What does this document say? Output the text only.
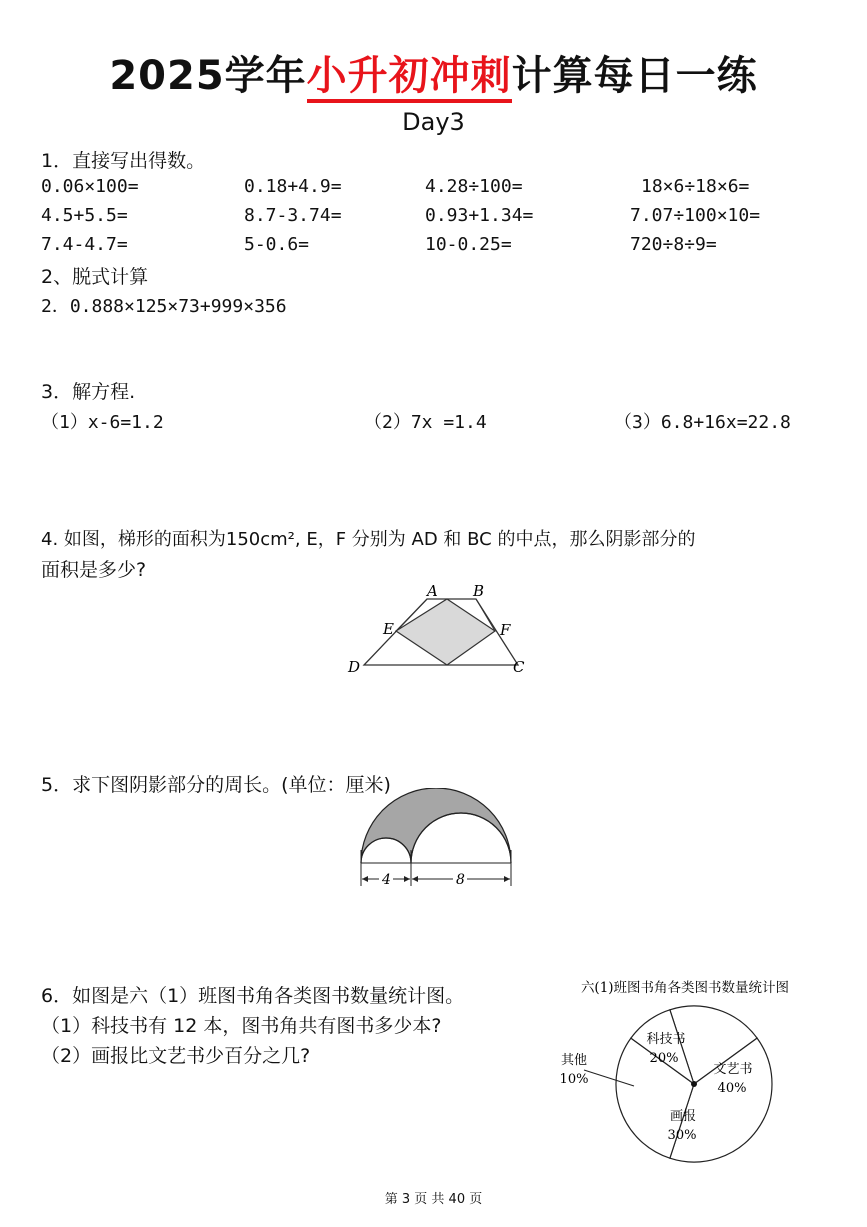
2025学年小升初冲刺计算每日一练
Day3
1．直接写出得数。
0.06×100=	0.18+4.9=	4.28÷100=	18×6÷18×6=
4.5+5.5=	8.7-3.74=	0.93+1.34=	7.07÷100×10=
7.4-4.7=	5-0.6=	10-0.25=	720÷8÷9=
2、脱式计算
2．0.888×125×73+999×356
3．解方程.
（1）x-6=1.2	（2）7x =1.4	（3）6.8+16x=22.8
4. 如图，梯形的面积为150cm², E，F 分别为 AD 和 BC 的中点，那么阴影部分的
面积是多少?
A B
C
D
E	F
5．求下图阴影部分的周长。(单位：厘米)
4	8
6．如图是六（1）班图书角各类图书数量统计图。
（1）科技书有 12 本，图书角共有图书多少本?
（2）画报比文艺书少百分之几?
六(1)班图书角各类图书数量统计图
科技书
20%
文艺书
40%
画报
30%
其他
10%
第 3 页 共 40 页
